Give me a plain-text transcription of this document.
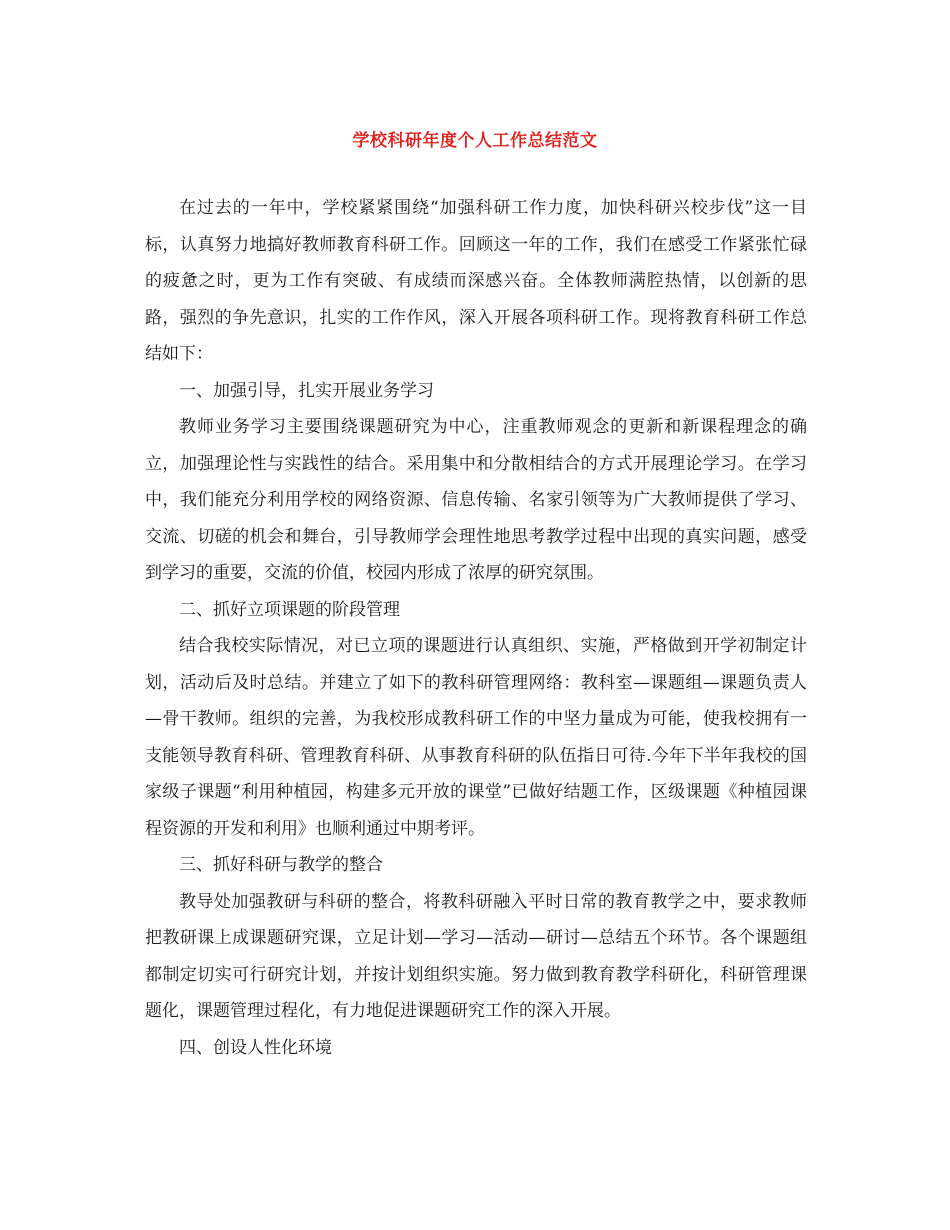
学校科研年度个人工作总结范文

在过去的一年中，学校紧紧围绕“加强科研工作力度，加快科研兴校步伐”这一目标，认真努力地搞好教师教育科研工作。回顾这一年的工作，我们在感受工作紧张忙碌的疲惫之时，更为工作有突破、有成绩而深感兴奋。全体教师满腔热情，以创新的思路，强烈的争先意识，扎实的工作作风，深入开展各项科研工作。现将教育科研工作总结如下：

一、加强引导，扎实开展业务学习

教师业务学习主要围绕课题研究为中心，注重教师观念的更新和新课程理念的确立，加强理论性与实践性的结合。采用集中和分散相结合的方式开展理论学习。在学习中，我们能充分利用学校的网络资源、信息传输、名家引领等为广大教师提供了学习、交流、切磋的机会和舞台，引导教师学会理性地思考教学过程中出现的真实问题，感受到学习的重要，交流的价值，校园内形成了浓厚的研究氛围。

二、抓好立项课题的阶段管理

结合我校实际情况，对已立项的课题进行认真组织、实施，严格做到开学初制定计划，活动后及时总结。并建立了如下的教科研管理网络：教科室—课题组—课题负责人—骨干教师。组织的完善，为我校形成教科研工作的中坚力量成为可能，使我校拥有一支能领导教育科研、管理教育科研、从事教育科研的队伍指日可待.今年下半年我校的国家级子课题“利用种植园，构建多元开放的课堂”已做好结题工作，区级课题《种植园课程资源的开发和利用》也顺利通过中期考评。

三、抓好科研与教学的整合

教导处加强教研与科研的整合，将教科研融入平时日常的教育教学之中，要求教师把教研课上成课题研究课，立足计划—学习—活动—研讨—总结五个环节。各个课题组都制定切实可行研究计划，并按计划组织实施。努力做到教育教学科研化，科研管理课题化，课题管理过程化，有力地促进课题研究工作的深入开展。

四、创设人性化环境
